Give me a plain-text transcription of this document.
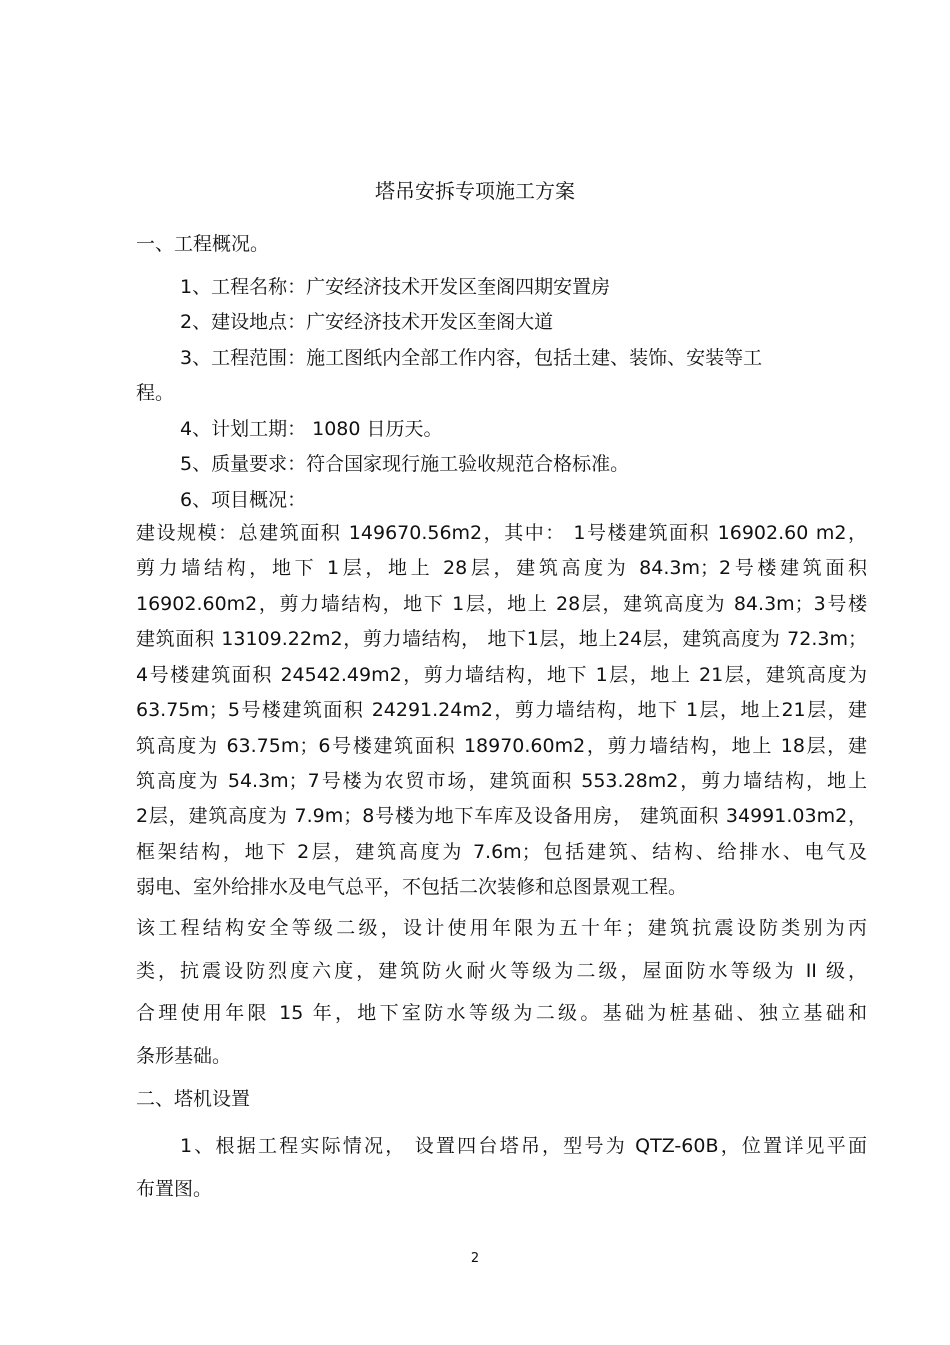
塔吊安拆专项施工方案
一、工程概况。
1、工程名称：广安经济技术开发区奎阁四期安置房
2、建设地点：广安经济技术开发区奎阁大道
3、工程范围：施工图纸内全部工作内容，包括土建、装饰、安装等工
程。
4、计划工期： 1080 日历天。
5、质量要求：符合国家现行施工验收规范合格标准。
6、项目概况：
建设规模：总建筑面积 149670.56m2，其中： 1号楼建筑面积 16902.60 m2，
剪力墙结构，地下 1层，地上 28层，建筑高度为 84.3m；2号楼建筑面积
16902.60m2，剪力墙结构，地下 1层，地上 28层，建筑高度为 84.3m；3号楼
建筑面积 13109.22m2，剪力墙结构， 地下1层，地上24层，建筑高度为 72.3m；
4号楼建筑面积 24542.49m2，剪力墙结构，地下 1层，地上 21层，建筑高度为
63.75m；5号楼建筑面积 24291.24m2，剪力墙结构，地下 1层，地上21层，建
筑高度为 63.75m；6号楼建筑面积 18970.60m2，剪力墙结构，地上 18层，建
筑高度为 54.3m；7号楼为农贸市场，建筑面积 553.28m2，剪力墙结构，地上
2层，建筑高度为 7.9m；8号楼为地下车库及设备用房， 建筑面积 34991.03m2，
框架结构，地下 2层，建筑高度为 7.6m；包括建筑、结构、给排水、电气及
弱电、室外给排水及电气总平，不包括二次装修和总图景观工程。
该工程结构安全等级二级，设计使用年限为五十年；建筑抗震设防类别为丙
类，抗震设防烈度六度，建筑防火耐火等级为二级，屋面防水等级为 II 级，
合理使用年限 15 年，地下室防水等级为二级。基础为桩基础、独立基础和
条形基础。
二、塔机设置
1、根据工程实际情况， 设置四台塔吊，型号为 QTZ-60B，位置详见平面
布置图。
2
